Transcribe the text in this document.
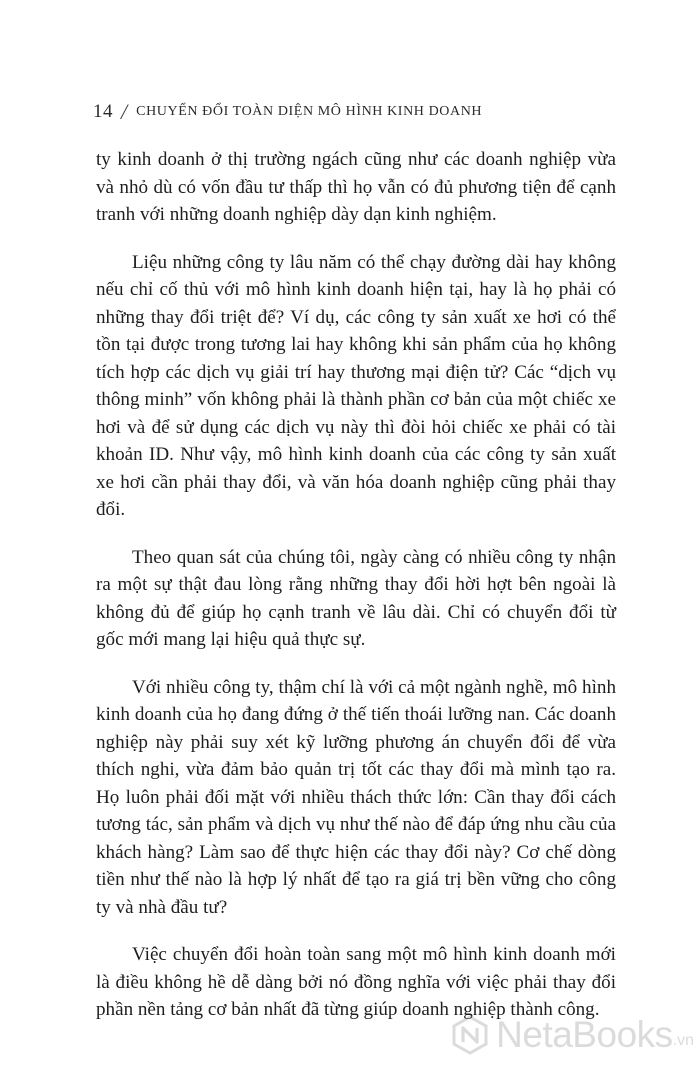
14 / CHUYỂN ĐỔI TOÀN DIỆN MÔ HÌNH KINH DOANH

ty kinh doanh ở thị trường ngách cũng như các doanh nghiệp vừa và nhỏ dù có vốn đầu tư thấp thì họ vẫn có đủ phương tiện để cạnh tranh với những doanh nghiệp dày dạn kinh nghiệm.

Liệu những công ty lâu năm có thể chạy đường dài hay không nếu chỉ cố thủ với mô hình kinh doanh hiện tại, hay là họ phải có những thay đổi triệt để? Ví dụ, các công ty sản xuất xe hơi có thể tồn tại được trong tương lai hay không khi sản phẩm của họ không tích hợp các dịch vụ giải trí hay thương mại điện tử? Các “dịch vụ thông minh” vốn không phải là thành phần cơ bản của một chiếc xe hơi và để sử dụng các dịch vụ này thì đòi hỏi chiếc xe phải có tài khoản ID. Như vậy, mô hình kinh doanh của các công ty sản xuất xe hơi cần phải thay đổi, và văn hóa doanh nghiệp cũng phải thay đổi.

Theo quan sát của chúng tôi, ngày càng có nhiều công ty nhận ra một sự thật đau lòng rằng những thay đổi hời hợt bên ngoài là không đủ để giúp họ cạnh tranh về lâu dài. Chỉ có chuyển đổi từ gốc mới mang lại hiệu quả thực sự.

Với nhiều công ty, thậm chí là với cả một ngành nghề, mô hình kinh doanh của họ đang đứng ở thế tiến thoái lưỡng nan. Các doanh nghiệp này phải suy xét kỹ lưỡng phương án chuyển đổi để vừa thích nghi, vừa đảm bảo quản trị tốt các thay đổi mà mình tạo ra. Họ luôn phải đối mặt với nhiều thách thức lớn: Cần thay đổi cách tương tác, sản phẩm và dịch vụ như thế nào để đáp ứng nhu cầu của khách hàng? Làm sao để thực hiện các thay đổi này? Cơ chế dòng tiền như thế nào là hợp lý nhất để tạo ra giá trị bền vững cho công ty và nhà đầu tư?

Việc chuyển đổi hoàn toàn sang một mô hình kinh doanh mới là điều không hề dễ dàng bởi nó đồng nghĩa với việc phải thay đổi phần nền tảng cơ bản nhất đã từng giúp doanh nghiệp thành công.

NetaBooks .vn
